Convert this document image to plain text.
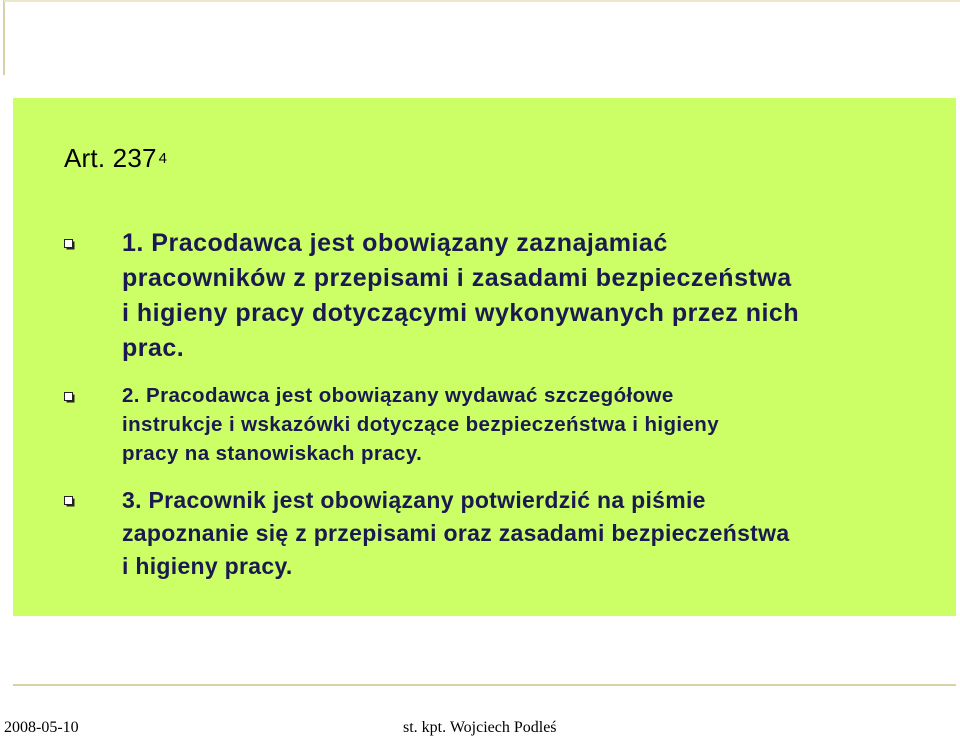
Art. 237 $^4$
1. Pracodawca jest obowiązany zaznajamiać
pracowników z przepisami i zasadami bezpieczeństwa
i higieny pracy dotyczącymi wykonywanych przez nich
prac.
2. Pracodawca jest obowiązany wydawać szczegółowe
instrukcje i wskazówki dotyczące bezpieczeństwa i higieny
pracy na stanowiskach pracy.
3. Pracownik jest obowiązany potwierdzić na piśmie
zapoznanie się z przepisami oraz zasadami bezpieczeństwa
i higieny pracy.
2008-05-10	st. kpt. Wojciech Podleś
